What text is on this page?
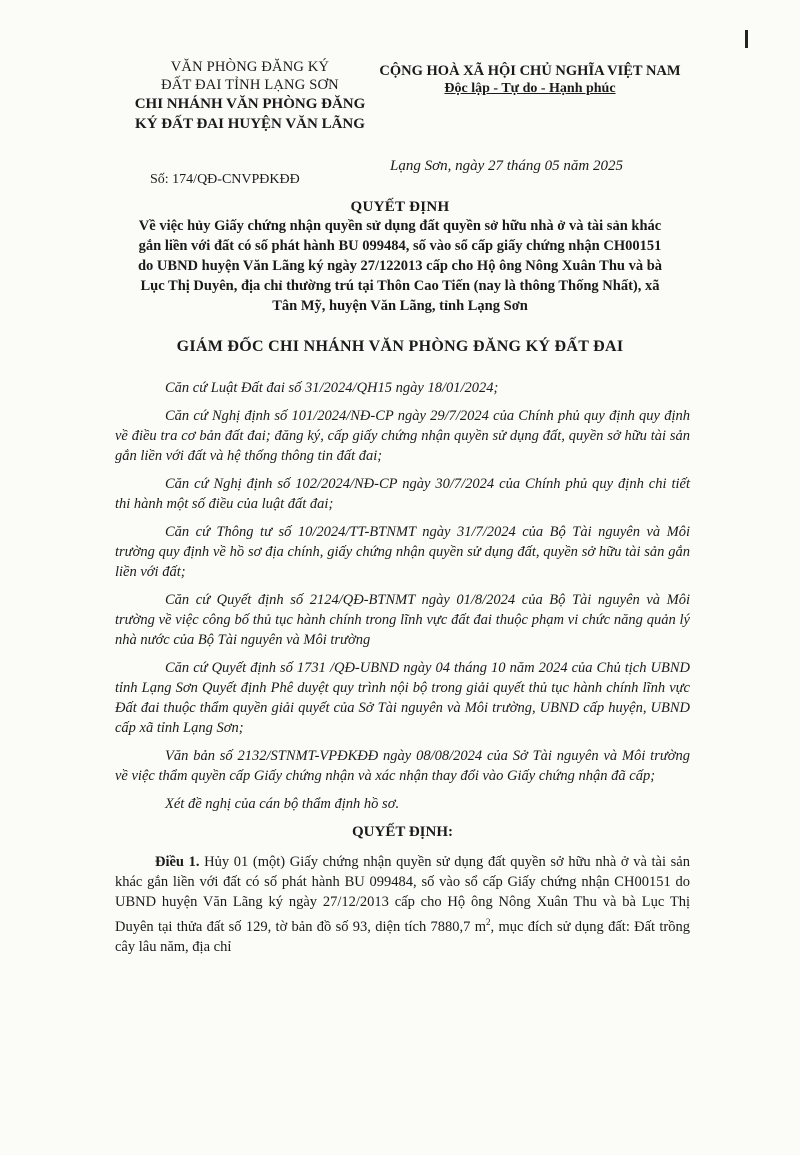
VĂN PHÒNG ĐĂNG KÝ
ĐẤT ĐAI TỈNH LẠNG SƠN
CHI NHÁNH VĂN PHÒNG ĐĂNG
KÝ ĐẤT ĐAI HUYỆN VĂN LÃNG
CỘNG HOÀ XÃ HỘI CHỦ NGHĨA VIỆT NAM
Độc lập - Tự do - Hạnh phúc
Lạng Sơn, ngày 27 tháng 05 năm 2025
Số: 174/QĐ-CNVPĐKĐĐ
QUYẾT ĐỊNH
Về việc hủy Giấy chứng nhận quyền sử dụng đất quyền sở hữu nhà ở và tài sản khác gắn liền với đất có số phát hành BU 099484, số vào sổ cấp giấy chứng nhận CH00151 do UBND huyện Văn Lãng ký ngày 27/122013 cấp cho Hộ ông Nông Xuân Thu và bà Lục Thị Duyên, địa chỉ thường trú tại Thôn Cao Tiến (nay là thông Thống Nhất), xã Tân Mỹ, huyện Văn Lãng, tỉnh Lạng Sơn
GIÁM ĐỐC CHI NHÁNH VĂN PHÒNG ĐĂNG KÝ ĐẤT ĐAI

Căn cứ Luật Đất đai số 31/2024/QH15 ngày 18/01/2024;

Căn cứ Nghị định số 101/2024/NĐ-CP ngày 29/7/2024 của Chính phủ quy định quy định về điều tra cơ bản đất đai; đăng ký, cấp giấy chứng nhận quyền sử dụng đất, quyền sở hữu tài sản gắn liền với đất và hệ thống thông tin đất đai;

Căn cứ Nghị định số 102/2024/NĐ-CP ngày 30/7/2024 của Chính phủ quy định chi tiết thi hành một số điều của luật đất đai;

Căn cứ Thông tư số 10/2024/TT-BTNMT ngày 31/7/2024 của Bộ Tài nguyên và Môi trường quy định về hồ sơ địa chính, giấy chứng nhận quyền sử dụng đất, quyền sở hữu tài sản gắn liền với đất;

Căn cứ Quyết định số 2124/QĐ-BTNMT ngày 01/8/2024 của Bộ Tài nguyên và Môi trường về việc công bố thủ tục hành chính trong lĩnh vực đất đai thuộc phạm vi chức năng quản lý nhà nước của Bộ Tài nguyên và Môi trường

Căn cứ Quyết định số 1731 /QĐ-UBND ngày 04 tháng 10 năm 2024 của Chủ tịch UBND tỉnh Lạng Sơn Quyết định Phê duyệt quy trình nội bộ trong giải quyết thủ tục hành chính lĩnh vực Đất đai thuộc thẩm quyền giải quyết của Sở Tài nguyên và Môi trường, UBND cấp huyện, UBND cấp xã tỉnh Lạng Sơn;

Văn bản số 2132/STNMT-VPĐKĐĐ ngày 08/08/2024 của Sở Tài nguyên và Môi trường về việc thẩm quyền cấp Giấy chứng nhận và xác nhận thay đổi vào Giấy chứng nhận đã cấp;

Xét đề nghị của cán bộ thẩm định hồ sơ.

QUYẾT ĐỊNH:

Điều 1. Hủy 01 (một) Giấy chứng nhận quyền sử dụng đất quyền sở hữu nhà ở và tài sản khác gắn liền với đất có số phát hành BU 099484, số vào sổ cấp Giấy chứng nhận CH00151 do UBND huyện Văn Lãng ký ngày 27/12/2013 cấp cho Hộ ông Nông Xuân Thu và bà Lục Thị Duyên tại thửa đất số 129, tờ bản đồ số 93, diện tích 7880,7 $m^2$, mục đích sử dụng đất: Đất trồng cây lâu năm, địa chỉ
